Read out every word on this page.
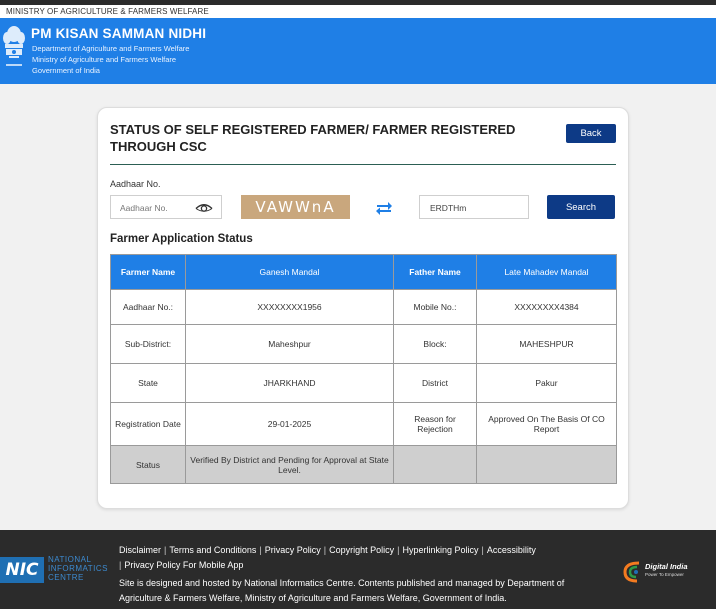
MINISTRY OF AGRICULTURE & FARMERS WELFARE
PM KISAN SAMMAN NIDHI
Department of Agriculture and Farmers Welfare
Ministry of Agriculture and Farmers Welfare
Government of India
STATUS OF SELF REGISTERED FARMER/ FARMER REGISTERED THROUGH CSC
Back
Aadhaar No.
Aadhaar No.	VAWWnA	ERDTHm	Search
Farmer Application Status
Farmer Name	Ganesh Mandal	Father Name	Late Mahadev Mandal
Aadhaar No.:	XXXXXXXX1956	Mobile No.:	XXXXXXXX4384
Sub-District:	Maheshpur	Block:	MAHESHPUR
State	JHARKHAND	District	Pakur
Registration Date	29-01-2025	Reason for Rejection	Approved On The Basis Of CO Report
Status	Verified By District and Pending for Approval at State Level.		
NIC
NATIONAL
INFORMATICS
CENTRE
Disclaimer | Terms and Conditions | Privacy Policy | Copyright Policy | Hyperlinking Policy | Accessibility
| Privacy Policy For Mobile App
Site is designed and hosted by National Informatics Centre. Contents published and managed by Department of Agriculture & Farmers Welfare, Ministry of Agriculture and Farmers Welfare, Government of India.
Digital India
Power To Empower
